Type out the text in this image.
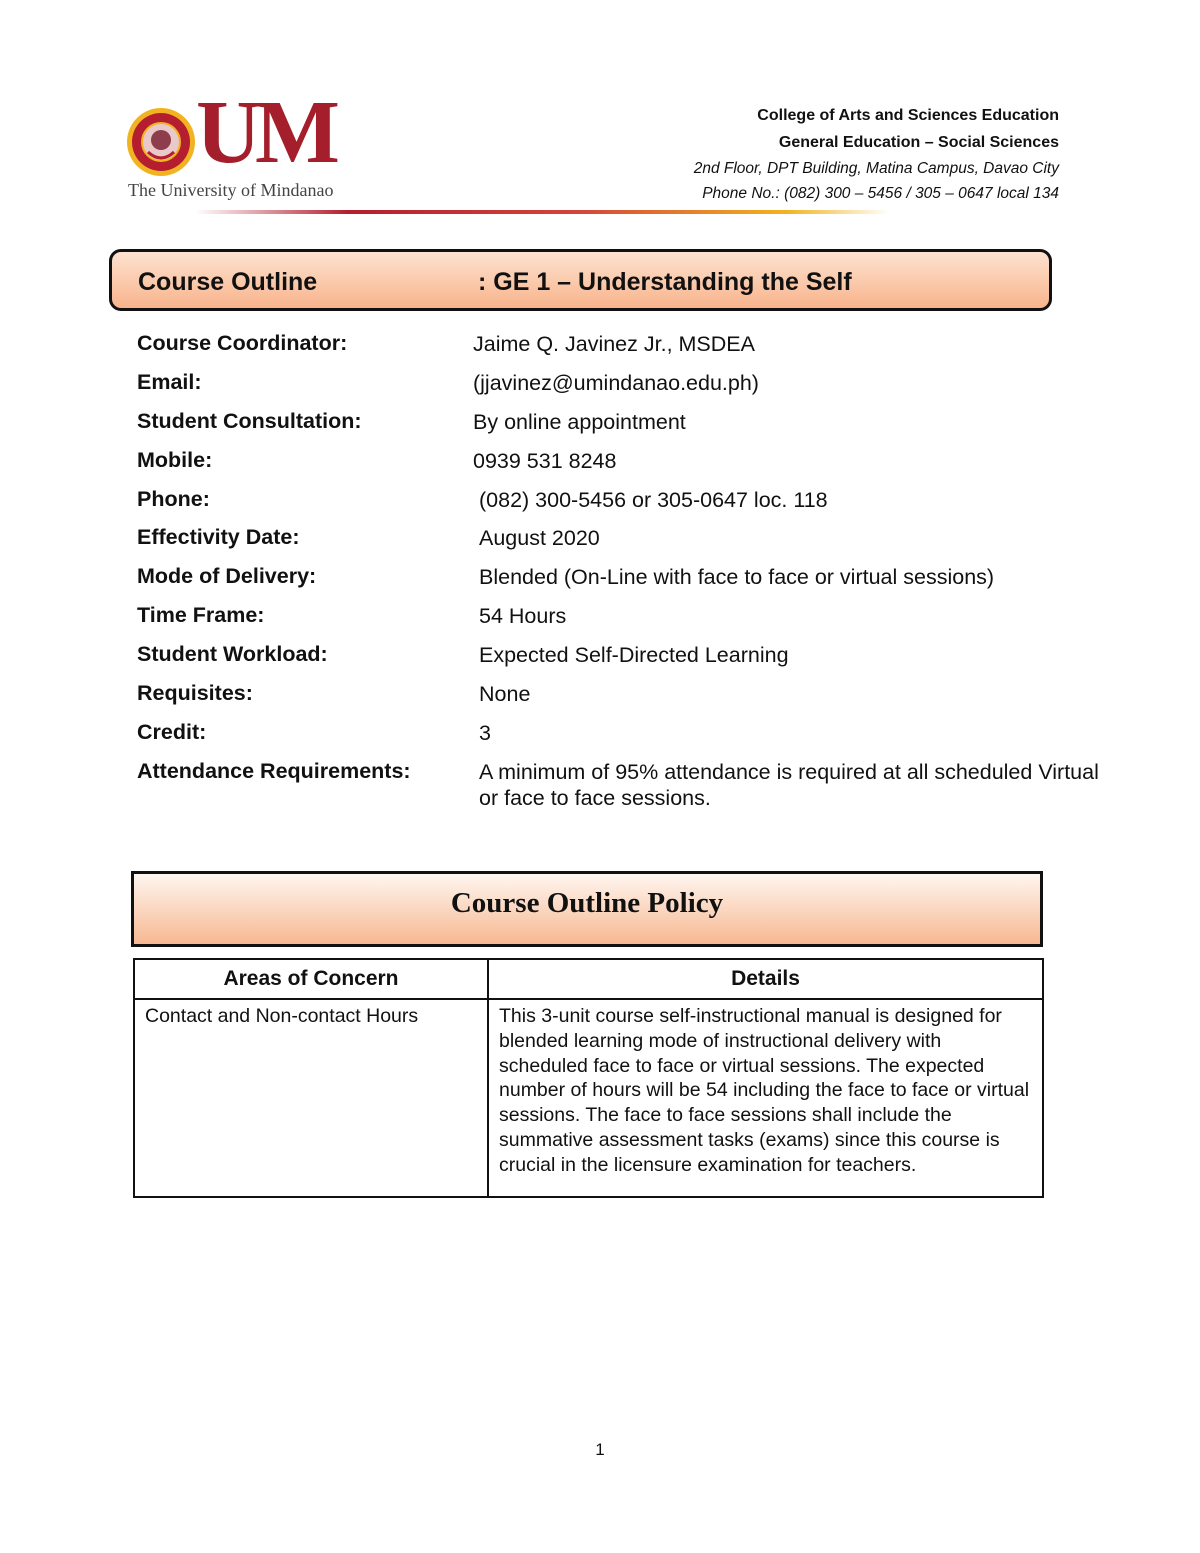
UM
The University of Mindanao
College of Arts and Sciences Education
General Education – Social Sciences
2nd Floor, DPT Building, Matina Campus, Davao City
Phone No.: (082) 300 – 5456 / 305 – 0647 local 134
Course Outline	: GE 1 – Understanding the Self
Course Coordinator:	Jaime Q. Javinez Jr., MSDEA
Email:	(jjavinez@umindanao.edu.ph)
Student Consultation:	By online appointment
Mobile:	0939 531 8248
Phone:	(082) 300-5456 or 305-0647 loc. 118
Effectivity Date:	August 2020
Mode of Delivery:	Blended (On-Line with face to face or virtual sessions)
Time Frame:	54 Hours
Student Workload:	Expected Self-Directed Learning
Requisites:	None
Credit:	3
Attendance Requirements:	A minimum of 95% attendance is required at all scheduled Virtual or face to face sessions.
Course Outline Policy
Areas of Concern	Details
Contact and Non-contact Hours	This 3-unit course self-instructional manual is designed for blended learning mode of instructional delivery with scheduled face to face or virtual sessions. The expected number of hours will be 54 including the face to face or virtual sessions. The face to face sessions shall include the summative assessment tasks (exams) since this course is crucial in the licensure examination for teachers.
1
